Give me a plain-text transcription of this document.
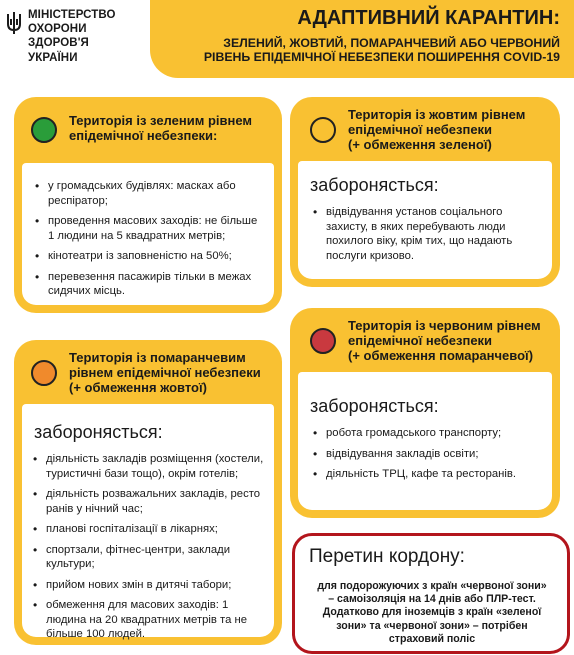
МІНІСТЕРСТВО
ОХОРОНИ
ЗДОРОВ'Я
УКРАЇНИ
АДАПТИВНИЙ КАРАНТИН:
ЗЕЛЕНИЙ, ЖОВТИЙ, ПОМАРАНЧЕВИЙ АБО ЧЕРВОНИЙ
РІВЕНЬ ЕПІДЕМІЧНОЇ НЕБЕЗПЕКИ ПОШИРЕННЯ COVID-19
Територія із зеленим рівнем
епідемічної небезпеки:
• у громадських будівлях: масках або респіратор;
• проведення масових заходів: не більше 1 людини на 5 квадратних метрів;
• кінотеатри із заповненістю на 50%;
• перевезення пасажирів тільки в межах сидячих місць.
Територія із жовтим рівнем
епідемічної небезпеки
(+ обмеження зеленої)
заборонясться:
• відвідування установ соціального захисту, в яких перебувають люди похилого віку, крім тих, що надають послуги кризово.
Територія із червоним рівнем
епідемічної небезпеки
(+ обмеження помаранчевої)
заборонясться:
• робота громадського транспорту;
• відвідування закладів освіти;
• діяльність ТРЦ, кафе та ресторанів.
Територія із помаранчевим
рівнем епідемічної небезпеки
(+ обмеження жовтої)
заборонясться:
• діяльність закладів розміщення (хостели, туристичні бази тощо), окрім готелів;
• діяльність розважальних закладів, ресто ранів у нічний час;
• планові госпіталізації в лікарнях;
• спортзали, фітнес-центри, заклади культури;
• прийом нових змін в дитячі табори;
• обмеження для масових заходів: 1 людина на 20 квадратних метрів та не більше 100 людей.
Перетин кордону:
для подорожуючих з країн «червоної зони»
– самоізоляція на 14 днів або ПЛР-тест.
Додатково для іноземців з країн «зеленої
зони» та «червоної зони» – потрібен
страховий поліс
